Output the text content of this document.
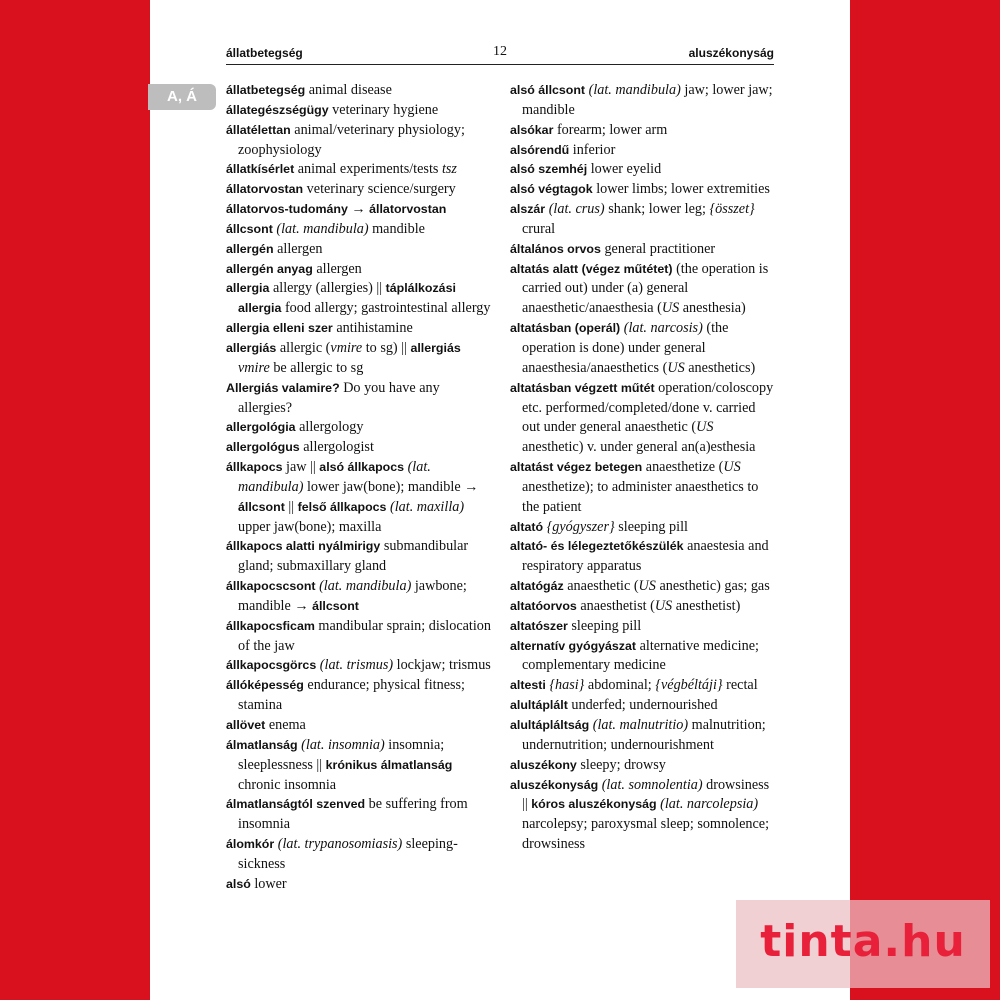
állatbetegség	12	aluszékonyság
A, Á	állatbetegség animal disease

állategészségügy veterinary hygiene

állatélettan animal/veterinary physiology; zoophysiology

állatkísérlet animal experiments/tests tsz

állatorvostan veterinary science/surgery

állatorvos-tudomány → állatorvostan

állcsont (lat. mandibula) mandible

allergén allergen

allergén anyag allergen

allergia allergy (allergies) || táplálkozási allergia food allergy; gastrointestinal allergy

allergia elleni szer antihistamine

allergiás allergic (vmire to sg) || allergiás vmire be allergic to sg

Allergiás valamire? Do you have any allergies?

allergológia allergology

allergológus allergologist

állkapocs jaw || alsó állkapocs (lat. mandibula) lower jaw(bone); mandible → állcsont || felső állkapocs (lat. maxilla) upper jaw(bone); maxilla

állkapocs alatti nyálmirigy submandibular gland; submaxillary gland

állkapocscsont (lat. mandibula) jawbone; mandible → állcsont

állkapocsficam mandibular sprain; dislocation of the jaw

állkapocsgörcs (lat. trismus) lockjaw; trismus

állóképesség endurance; physical fitness; stamina

allövet enema

álmatlanság (lat. insomnia) insomnia; sleeplessness || krónikus álmatlanság chronic insomnia

álmatlanságtól szenved be suffering from insomnia

álomkór (lat. trypanosomiasis) sleeping-sickness

alsó lower

alsó állcsont (lat. mandibula) jaw; lower jaw; mandible

alsókar forearm; lower arm

alsórendű inferior

alsó szemhéj lower eyelid

alsó végtagok lower limbs; lower extremities

alszár (lat. crus) shank; lower leg; {összet} crural

általános orvos general practitioner

altatás alatt (végez műtétet) (the operation is carried out) under (a) general anaesthetic/anaesthesia (US anesthesia)

altatásban (operál) (lat. narcosis) (the operation is done) under general anaesthesia/anaesthetics (US anesthetics)

altatásban végzett műtét operation/coloscopy etc. performed/completed/done v. carried out under general anaesthetic (US anesthetic) v. under general an(a)esthesia

altatást végez betegen anaesthetize (US anesthetize); to administer anaesthetics to the patient

altató {gyógyszer} sleeping pill

altató- és lélegeztetőkészülék anaestesia and respiratory apparatus

altatógáz anaesthetic (US anesthetic) gas; gas

altatóorvos anaesthetist (US anesthetist)

altatószer sleeping pill

alternatív gyógyászat alternative medicine; complementary medicine

altesti {hasi} abdominal; {végbéltáji} rectal

alultáplált underfed; undernourished

alultápláltság (lat. malnutritio) malnutrition; undernutrition; undernourishment

aluszékony sleepy; drowsy

aluszékonyság (lat. somnolentia) drowsiness || kóros aluszékonyság (lat. narcolepsia) narcolepsy; paroxysmal sleep; somnolence; drowsiness

tinta.hu
